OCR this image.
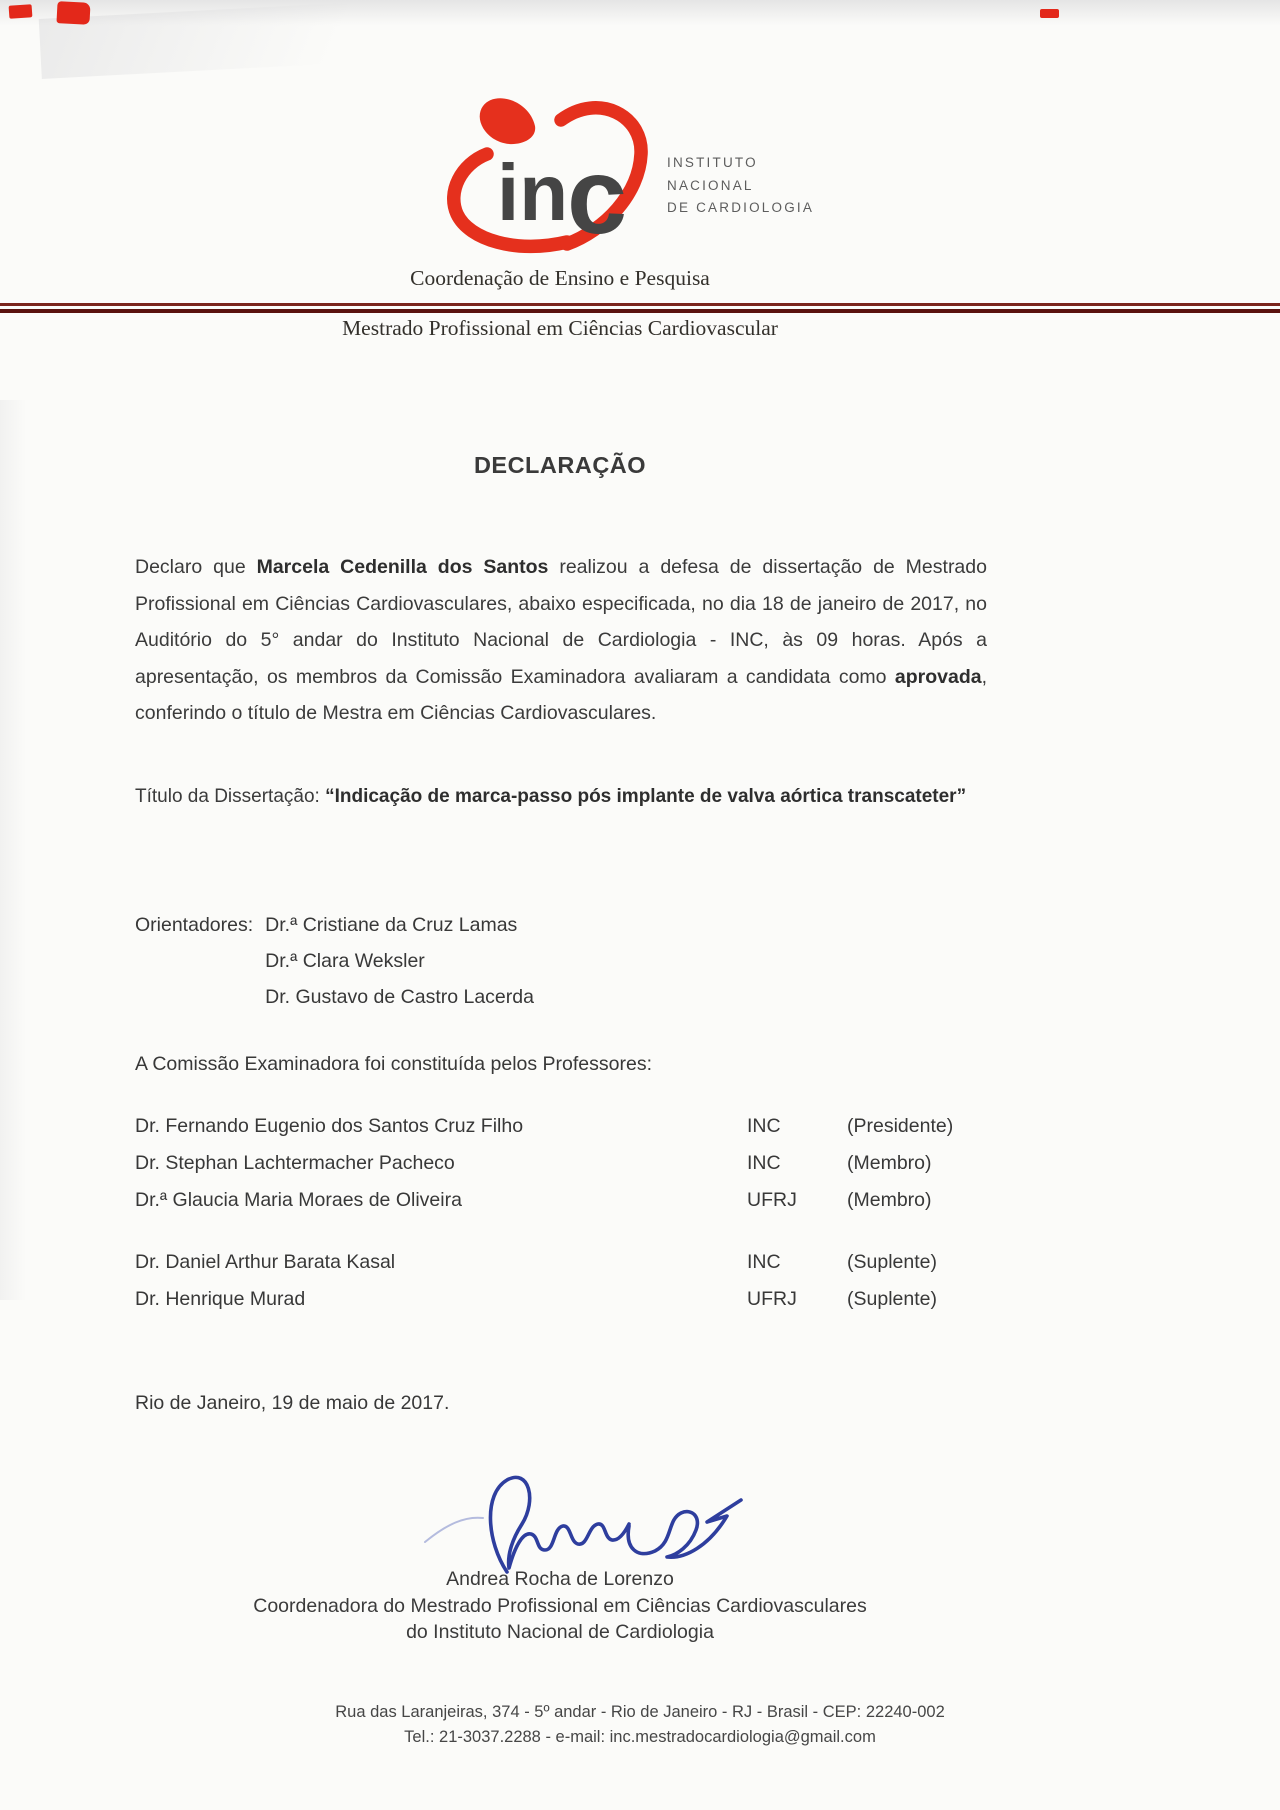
in
c	INSTITUTO
NACIONAL
DE CARDIOLOGIA
Coordenação de Ensino e Pesquisa
Mestrado Profissional em Ciências Cardiovascular
DECLARAÇÃO
Declaro que Marcela Cedenilla dos Santos realizou a defesa de dissertação de Mestrado Profissional em Ciências Cardiovasculares, abaixo especificada, no dia 18 de janeiro de 2017, no Auditório do 5° andar do Instituto Nacional de Cardiologia - INC, às 09 horas. Após a apresentação, os membros da Comissão Examinadora avaliaram a candidata como aprovada, conferindo o título de Mestra em Ciências Cardiovasculares.
Título da Dissertação: “Indicação de marca-passo pós implante de valva aórtica transcateter”
Orientadores: Dr.ª Cristiane da Cruz Lamas
Dr.ª Clara Weksler
Dr. Gustavo de Castro Lacerda
A Comissão Examinadora foi constituída pelos Professores:
Dr. Fernando Eugenio dos Santos Cruz Filho	INC	(Presidente)
Dr. Stephan Lachtermacher Pacheco	INC	(Membro)
Dr.ª Glaucia Maria Moraes de Oliveira	UFRJ	(Membro)
Dr. Daniel Arthur Barata Kasal	INC	(Suplente)
Dr. Henrique Murad	UFRJ	(Suplente)
Rio de Janeiro, 19 de maio de 2017.
Andrea Rocha de Lorenzo
Coordenadora do Mestrado Profissional em Ciências Cardiovasculares
do Instituto Nacional de Cardiologia
Rua das Laranjeiras, 374 - 5º andar - Rio de Janeiro - RJ - Brasil - CEP: 22240-002
Tel.: 21-3037.2288 - e-mail: inc.mestradocardiologia@gmail.com
